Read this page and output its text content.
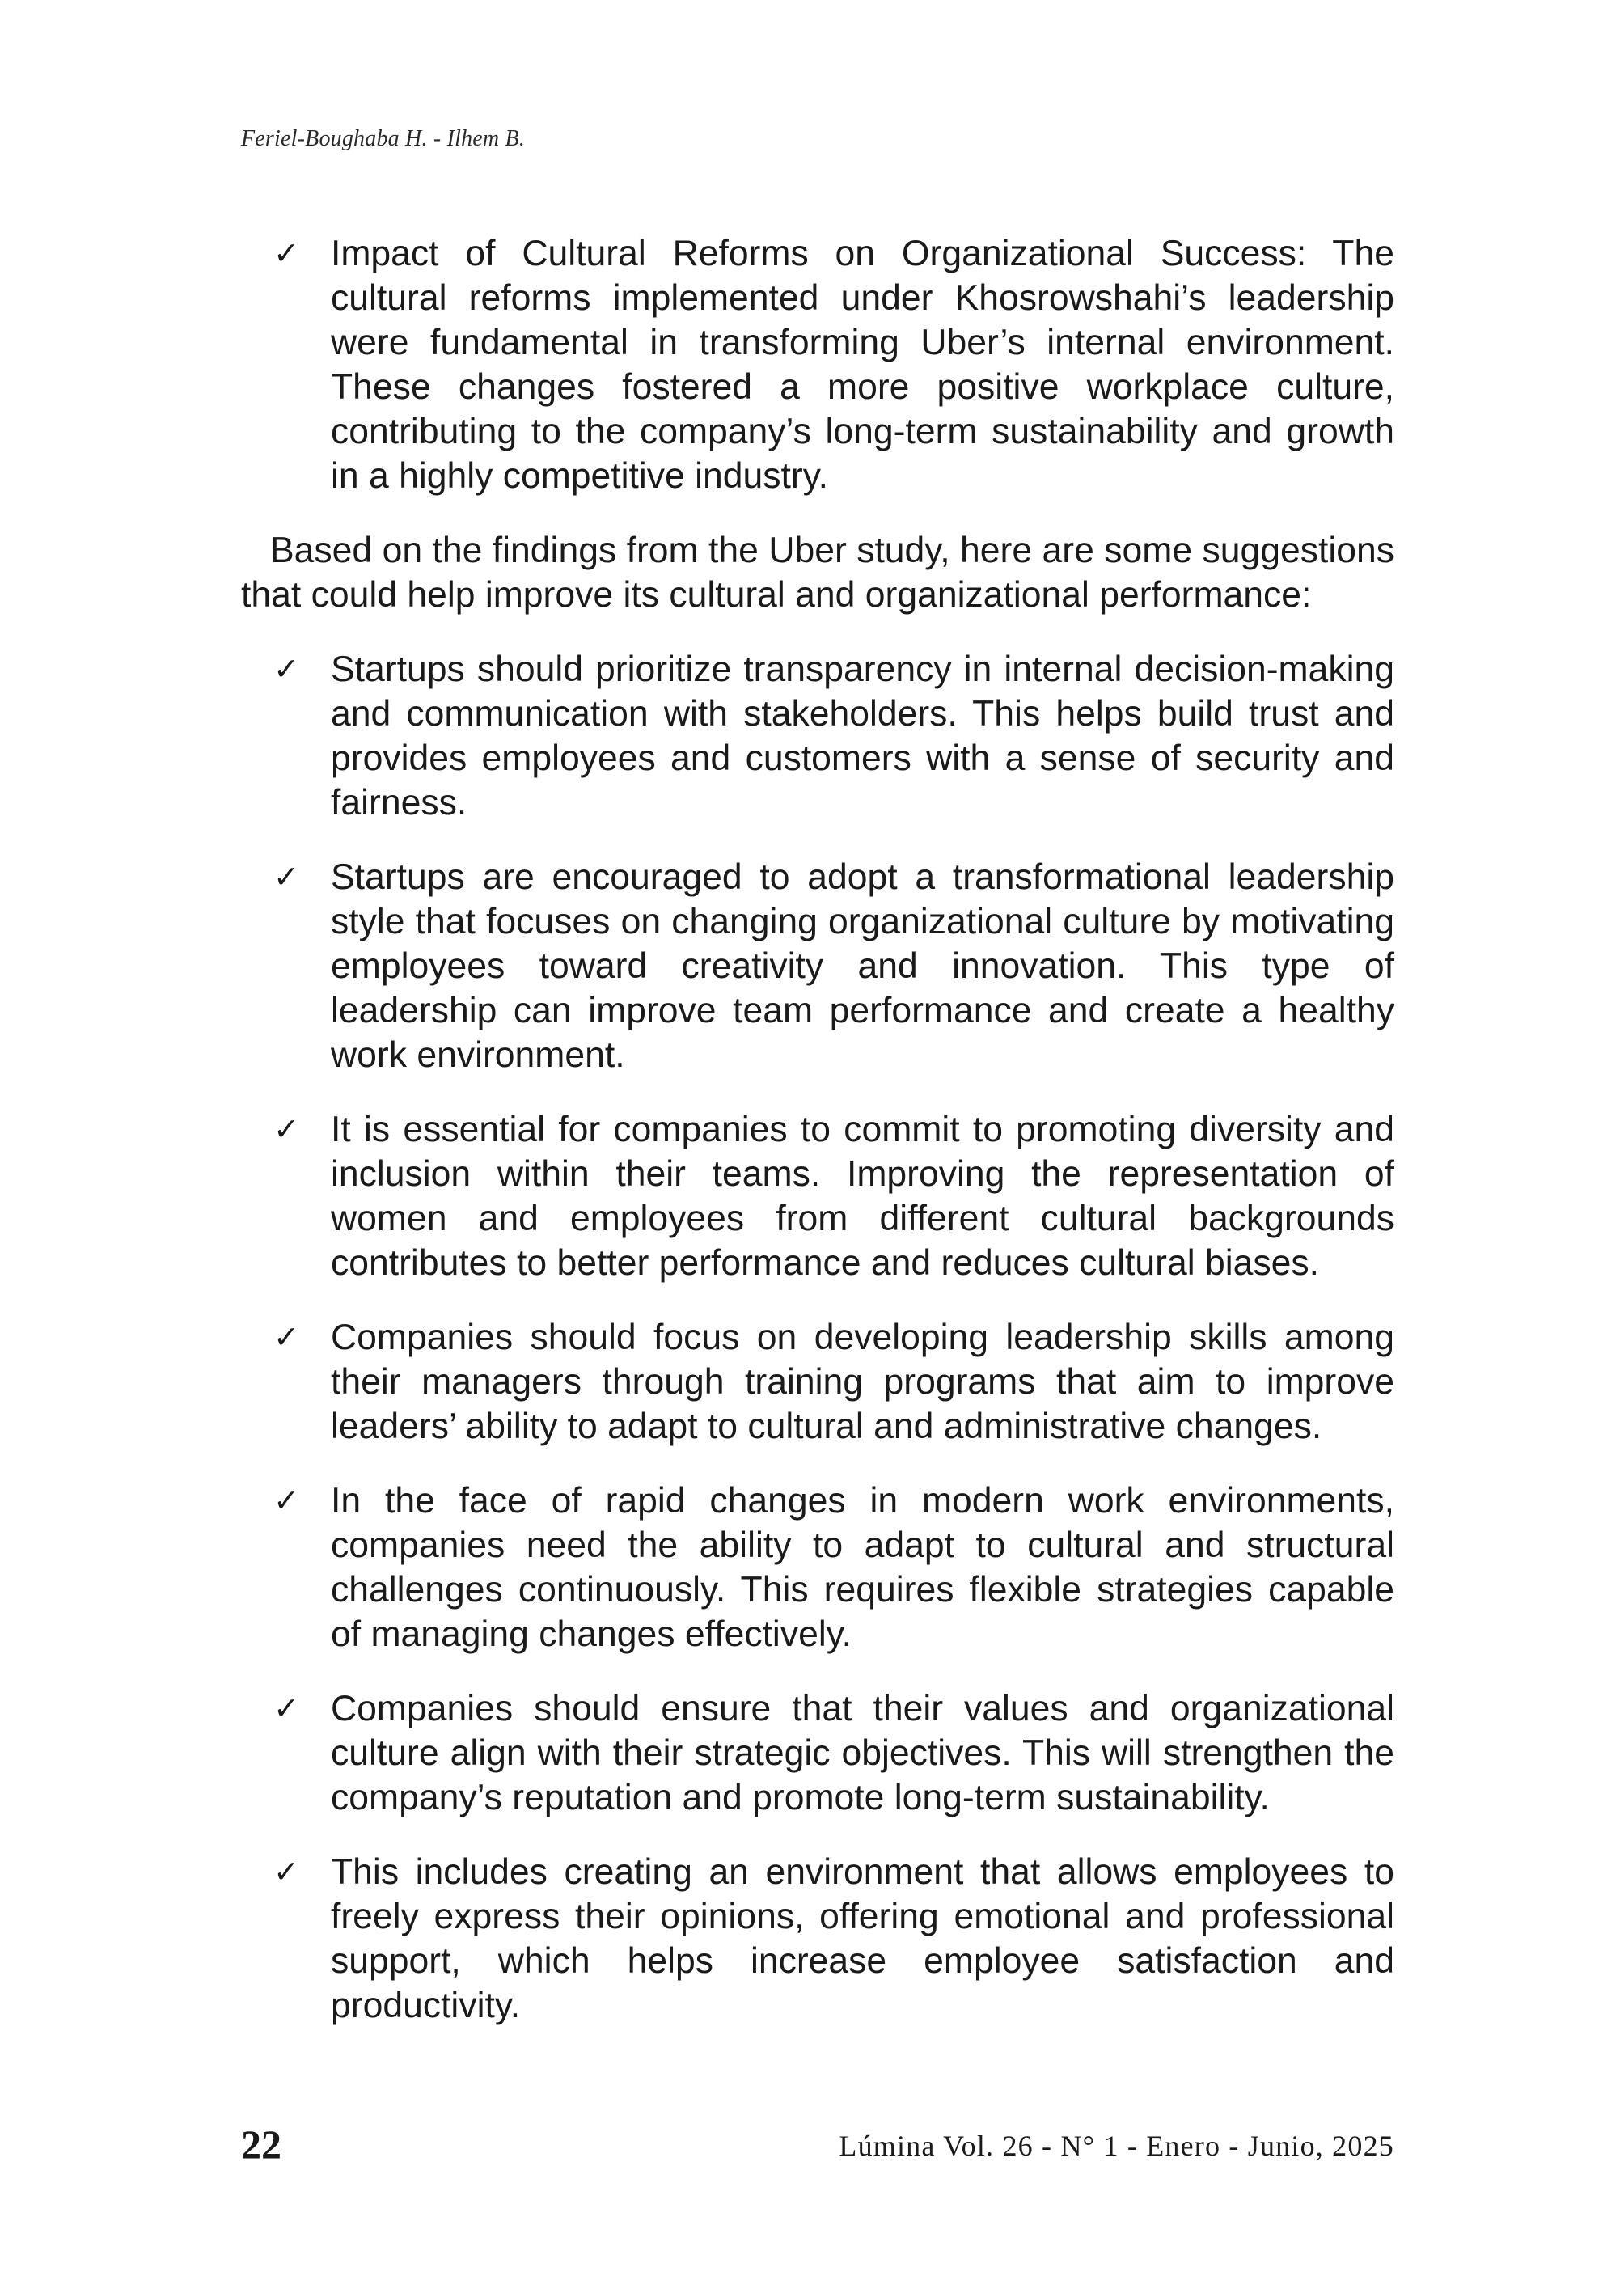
Feriel-Boughaba H. - Ilhem B.
✓ Impact of Cultural Reforms on Organizational Success: The cultural reforms implemented under Khosrowshahi’s leadership were fundamental in transforming Uber’s internal environment. These changes fostered a more positive workplace culture, contributing to the company’s long-term sustainability and growth in a highly competitive industry.

Based on the findings from the Uber study, here are some suggestions that could help improve its cultural and organizational performance:

✓ Startups should prioritize transparency in internal decision-making and communication with stakeholders. This helps build trust and provides employees and customers with a sense of security and fairness.
✓ Startups are encouraged to adopt a transformational leadership style that focuses on changing organizational culture by motivating employees toward creativity and innovation. This type of leadership can improve team performance and create a healthy work environment.
✓ It is essential for companies to commit to promoting diversity and inclusion within their teams. Improving the representation of women and employees from different cultural backgrounds contributes to better performance and reduces cultural biases.
✓ Companies should focus on developing leadership skills among their managers through training programs that aim to improve leaders’ ability to adapt to cultural and administrative changes.
✓ In the face of rapid changes in modern work environments, companies need the ability to adapt to cultural and structural challenges continuously. This requires flexible strategies capable of managing changes effectively.
✓ Companies should ensure that their values and organizational culture align with their strategic objectives. This will strengthen the company’s reputation and promote long-term sustainability.
✓ This includes creating an environment that allows employees to freely express their opinions, offering emotional and professional support, which helps increase employee satisfaction and productivity.
22	Lúmina Vol. 26 - N° 1 - Enero - Junio, 2025
